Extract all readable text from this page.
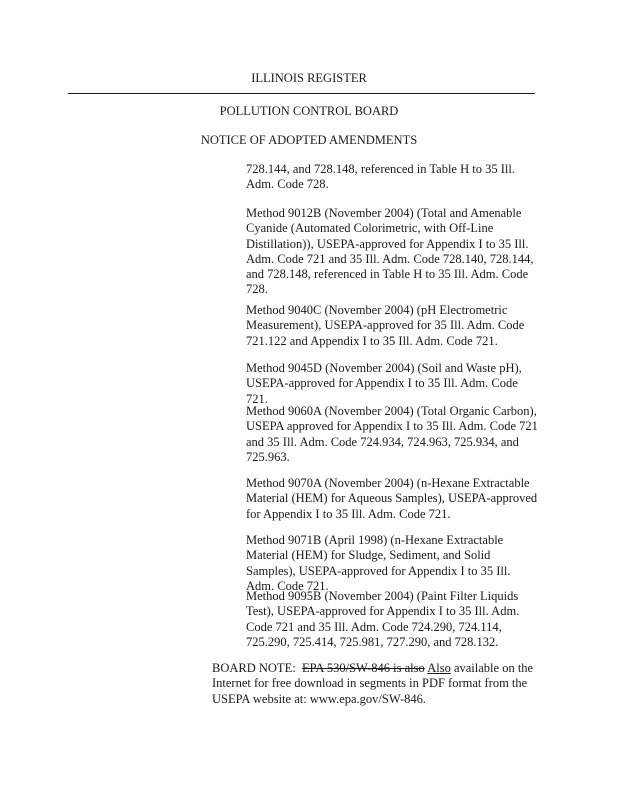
ILLINOIS REGISTER
POLLUTION CONTROL BOARD
NOTICE OF ADOPTED AMENDMENTS
728.144, and 728.148, referenced in Table H to 35 Ill. Adm. Code 728.
Method 9012B (November 2004) (Total and Amenable Cyanide (Automated Colorimetric, with Off-Line Distillation)), USEPA-approved for Appendix I to 35 Ill. Adm. Code 721 and 35 Ill. Adm. Code 728.140, 728.144, and 728.148, referenced in Table H to 35 Ill. Adm. Code 728.
Method 9040C (November 2004) (pH Electrometric Measurement), USEPA-approved for 35 Ill. Adm. Code 721.122 and Appendix I to 35 Ill. Adm. Code 721.
Method 9045D (November 2004) (Soil and Waste pH), USEPA-approved for Appendix I to 35 Ill. Adm. Code 721.
Method 9060A (November 2004) (Total Organic Carbon), USEPA approved for Appendix I to 35 Ill. Adm. Code 721 and 35 Ill. Adm. Code 724.934, 724.963, 725.934, and 725.963.
Method 9070A (November 2004) (n-Hexane Extractable Material (HEM) for Aqueous Samples), USEPA-approved for Appendix I to 35 Ill. Adm. Code 721.
Method 9071B (April 1998) (n-Hexane Extractable Material (HEM) for Sludge, Sediment, and Solid Samples), USEPA-approved for Appendix I to 35 Ill. Adm. Code 721.
Method 9095B (November 2004) (Paint Filter Liquids Test), USEPA-approved for Appendix I to 35 Ill. Adm. Code 721 and 35 Ill. Adm. Code 724.290, 724.114, 725.290, 725.414, 725.981, 727.290, and 728.132.
BOARD NOTE: EPA 530/SW-846 is also Also available on the Internet for free download in segments in PDF format from the USEPA website at: www.epa.gov/SW-846.
